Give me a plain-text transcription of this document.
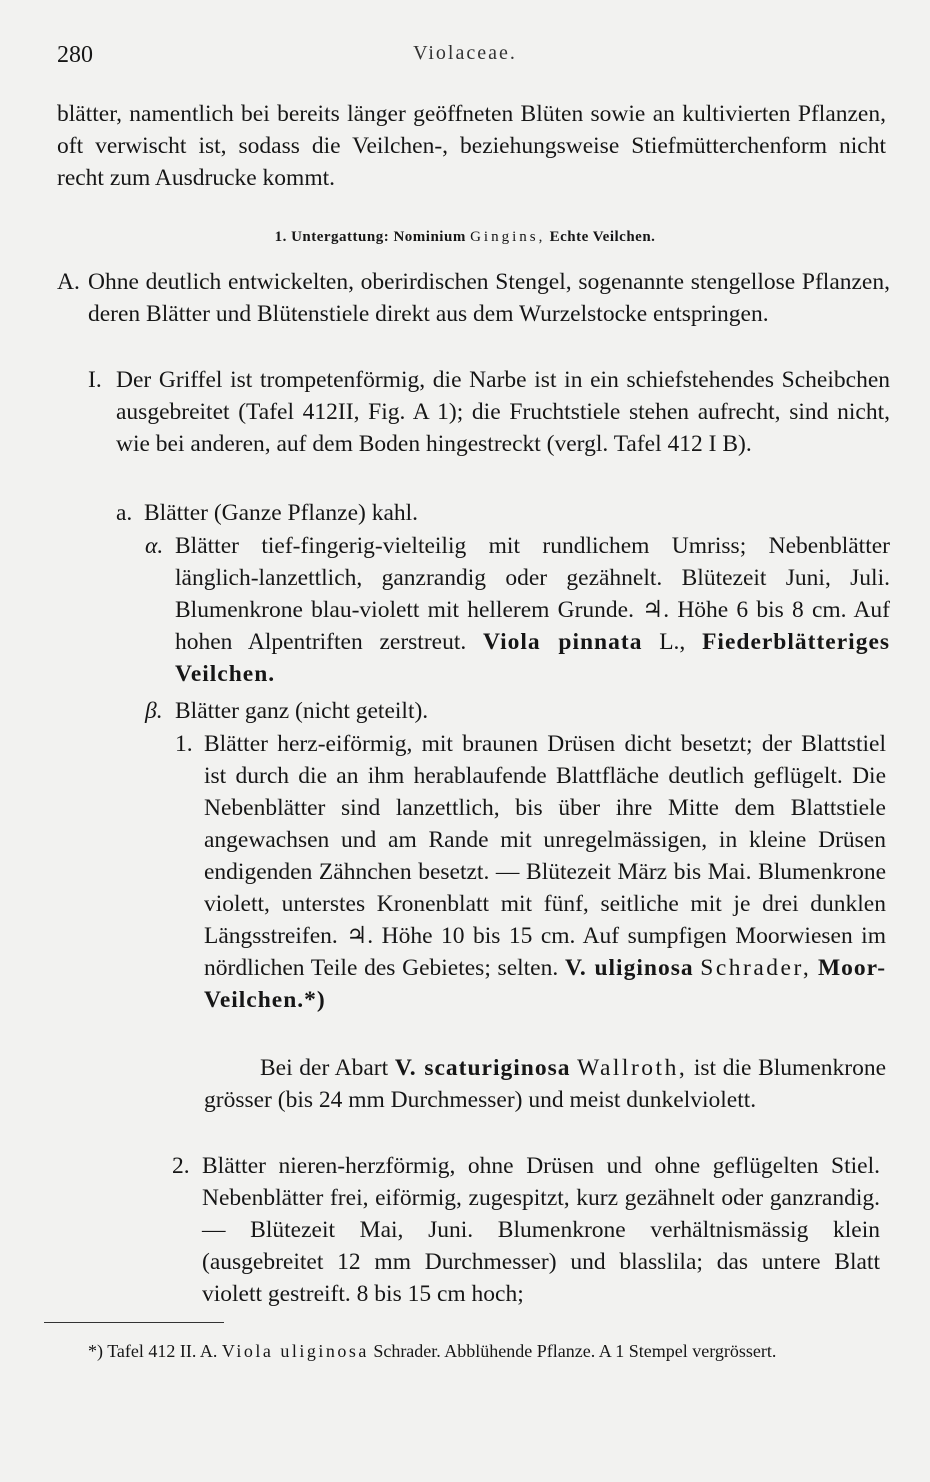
280	Violaceae.
blätter, namentlich bei bereits länger geöffneten Blüten sowie an kultivierten Pflanzen, oft verwischt ist, sodass die Veilchen-, beziehungsweise Stiefmütterchenform nicht recht zum Ausdrucke kommt.
1. Untergattung: Nominium Gingins, Echte Veilchen.
A. Ohne deutlich entwickelten, oberirdischen Stengel, sogenannte stengellose Pflanzen, deren Blätter und Blütenstiele direkt aus dem Wurzelstocke entspringen.
I. Der Griffel ist trompetenförmig, die Narbe ist in ein schiefstehendes Scheibchen ausgebreitet (Tafel 412II, Fig. A 1); die Fruchtstiele stehen aufrecht, sind nicht, wie bei anderen, auf dem Boden hingestreckt (vergl. Tafel 412 I B).
a. Blätter (Ganze Pflanze) kahl.
α. Blätter tief-fingerig-vielteilig mit rundlichem Umriss; Nebenblätter länglich-lanzettlich, ganzrandig oder gezähnelt. Blütezeit Juni, Juli. Blumenkrone blau-violett mit hellerem Grunde. ♃. Höhe 6 bis 8 cm. Auf hohen Alpentriften zerstreut. Viola pinnata L., Fiederblätteriges Veilchen.
β. Blätter ganz (nicht geteilt).
1. Blätter herz-eiförmig, mit braunen Drüsen dicht besetzt; der Blattstiel ist durch die an ihm herablaufende Blattfläche deutlich geflügelt. Die Nebenblätter sind lanzettlich, bis über ihre Mitte dem Blattstiele angewachsen und am Rande mit unregelmässigen, in kleine Drüsen endigenden Zähnchen besetzt. — Blütezeit März bis Mai. Blumenkrone violett, unterstes Kronenblatt mit fünf, seitliche mit je drei dunklen Längsstreifen. ♃. Höhe 10 bis 15 cm. Auf sumpfigen Moorwiesen im nördlichen Teile des Gebietes; selten. V. uliginosa Schrader, Moor-Veilchen.*)
Bei der Abart V. scaturiginosa Wallroth, ist die Blumenkrone grösser (bis 24 mm Durchmesser) und meist dunkelviolett.
2. Blätter nieren-herzförmig, ohne Drüsen und ohne geflügelten Stiel. Nebenblätter frei, eiförmig, zugespitzt, kurz gezähnelt oder ganzrandig. — Blütezeit Mai, Juni. Blumenkrone verhältnismässig klein (ausgebreitet 12 mm Durchmesser) und blasslila; das untere Blatt violett gestreift. 8 bis 15 cm hoch;
*) Tafel 412 II. A. Viola uliginosa Schrader. Abblühende Pflanze. A 1 Stempel vergrössert.
